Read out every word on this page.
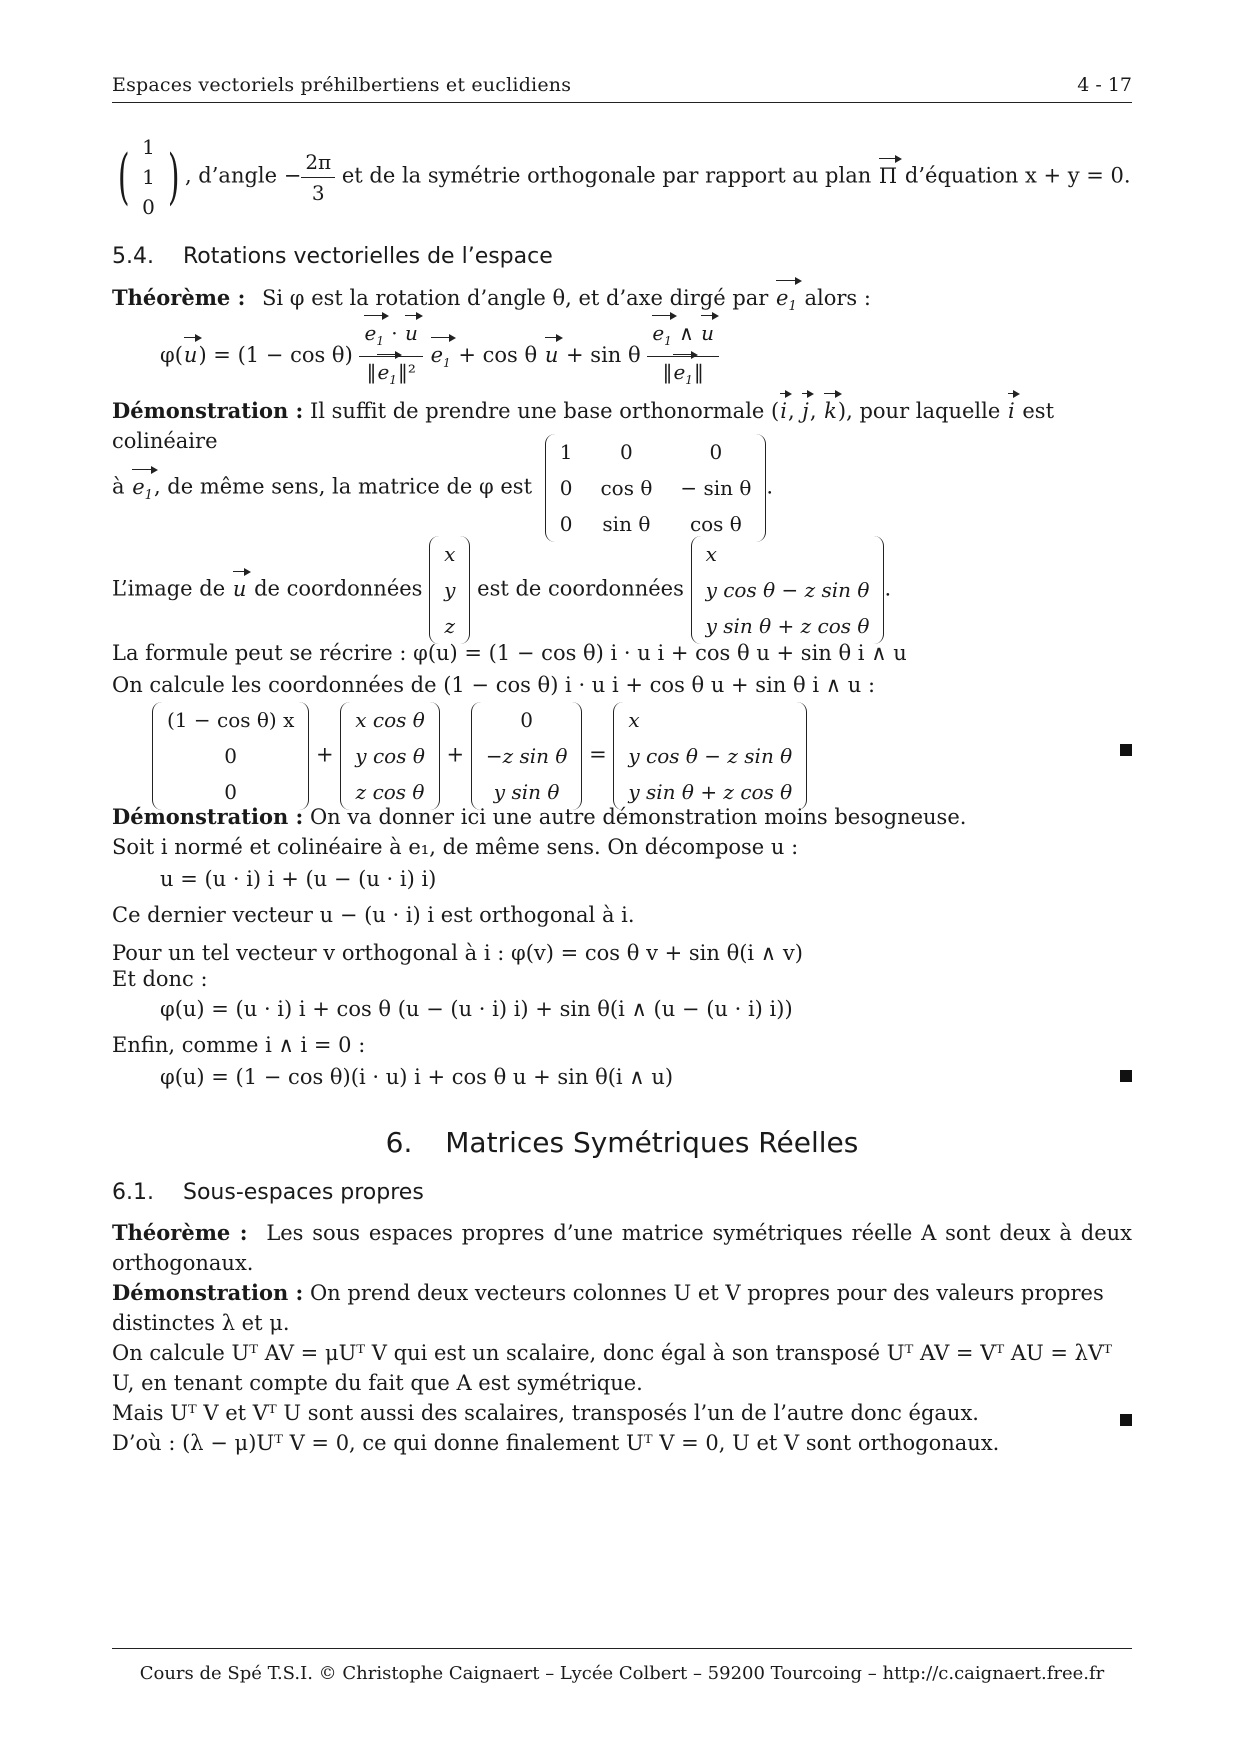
Espaces vectoriels préhilbertiens et euclidiens	4 - 17
( 1
1
0 ) , d’angle − $\frac{2\pi}{3}$ et de la symétrie orthogonale par rapport au plan Π d’équation x + y = 0.
5.4. Rotations vectorielles de l’espace
Théorème : Si φ est la rotation d’angle θ, et d’axe dirgé par $e_1$ alors :
$\varphi(u) = (1 - \cos \theta) \frac{e_1 \cdot u}{‖e_1‖^2} e_1 + \cos \theta$ u + sin θ $\frac{e_1 \wedge u}{‖e_1‖}$
Démonstration : Il suffit de prendre une base orthonormale (i, j, k), pour laquelle i est colinéaire
à $e_1$, de même sens, la matrice de φ est
1	0	0
0	cos θ	− sin θ
0	sin θ	cos θ
.
L’image de u de coordonnées
x
y
z
est de coordonnées
x
y cos θ − z sin θ
y sin θ + z cos θ
.
La formule peut se récrire : φ(u) = (1 − cos θ) i · u i + cos θ u + sin θ i ∧ u
On calcule les coordonnées de (1 − cos θ) i · u i + cos θ u + sin θ i ∧ u :
(1 − cos θ) x
0
0
+
x cos θ
y cos θ
z cos θ
+
0
−z sin θ
y sin θ
=
x
y cos θ − z sin θ
y sin θ + z cos θ
Démonstration : On va donner ici une autre démonstration moins besogneuse.
Soit i normé et colinéaire à e₁, de même sens. On décompose u :
u = (u · i) i + (u − (u · i) i)
Ce dernier vecteur u − (u · i) i est orthogonal à i.
Pour un tel vecteur v orthogonal à i : φ(v) = cos θ v + sin θ(i ∧ v)
Et donc :
φ(u) = (u · i) i + cos θ (u − (u · i) i) + sin θ(i ∧ (u − (u · i) i))
Enfin, comme i ∧ i = 0 :
φ(u) = (1 − cos θ)(i · u) i + cos θ u + sin θ(i ∧ u)
6. Matrices Symétriques Réelles
6.1. Sous-espaces propres
Théorème : Les sous espaces propres d’une matrice symétriques réelle A sont deux à deux orthogonaux.
Démonstration : On prend deux vecteurs colonnes U et V propres pour des valeurs propres distinctes λ et μ.
On calcule Uᵀ AV = μUᵀ V qui est un scalaire, donc égal à son transposé Uᵀ AV = Vᵀ AU = λVᵀ U, en tenant compte du fait que A est symétrique.
Mais Uᵀ V et Vᵀ U sont aussi des scalaires, transposés l’un de l’autre donc égaux.
D’où : (λ − μ)Uᵀ V = 0, ce qui donne finalement Uᵀ V = 0, U et V sont orthogonaux.
Cours de Spé T.S.I. © Christophe Caignaert – Lycée Colbert – 59200 Tourcoing – http://c.caignaert.free.fr
